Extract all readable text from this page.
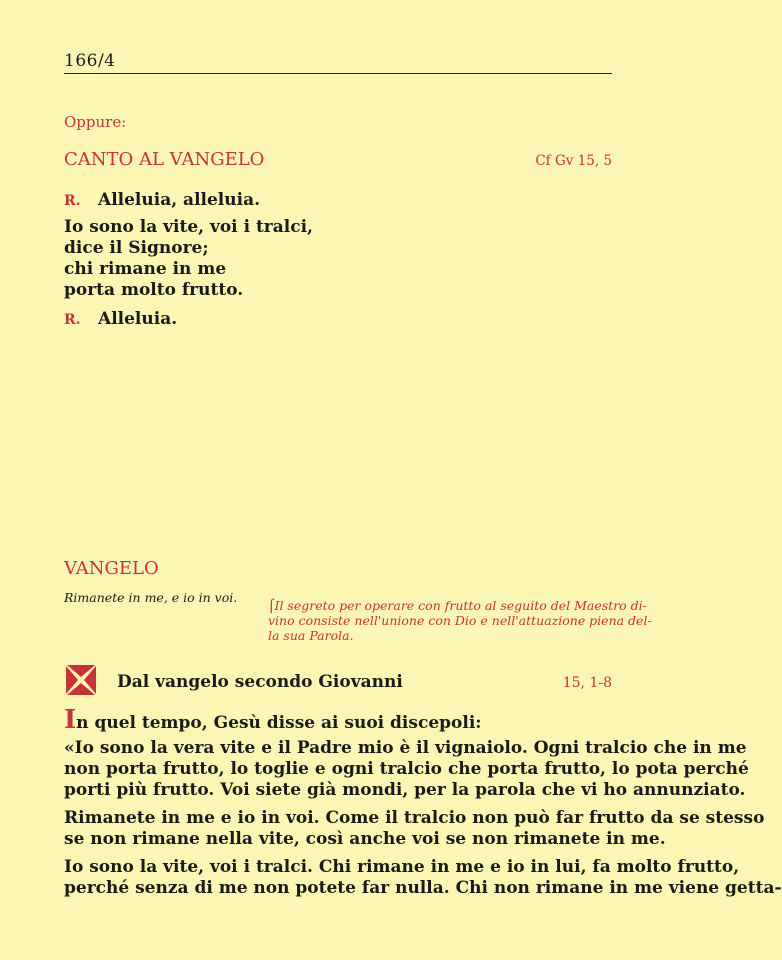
166/4
Oppure:
CANTO AL VANGELO	Cf Gv 15, 5
R.	Alleluia, alleluia.
Io sono la vite, voi i tralci,
dice il Signore;
chi rimane in me
porta molto frutto.
R.	Alleluia.
VANGELO
Rimanete in me, e io in voi.
⌠Il segreto per operare con frutto al seguito del Maestro di-
vino consiste nell'unione con Dio e nell'attuazione piena del-
la sua Parola.
Dal vangelo secondo Giovanni	15, 1-8
In quel tempo, Gesù disse ai suoi discepoli:
«Io sono la vera vite e il Padre mio è il vignaiolo. Ogni tralcio che in me
non porta frutto, lo toglie e ogni tralcio che porta frutto, lo pota perché
porti più frutto. Voi siete già mondi, per la parola che vi ho annunziato.
Rimanete in me e io in voi. Come il tralcio non può far frutto da se stesso
se non rimane nella vite, così anche voi se non rimanete in me.
Io sono la vite, voi i tralci. Chi rimane in me e io in lui, fa molto frutto,
perché senza di me non potete far nulla. Chi non rimane in me viene getta-
